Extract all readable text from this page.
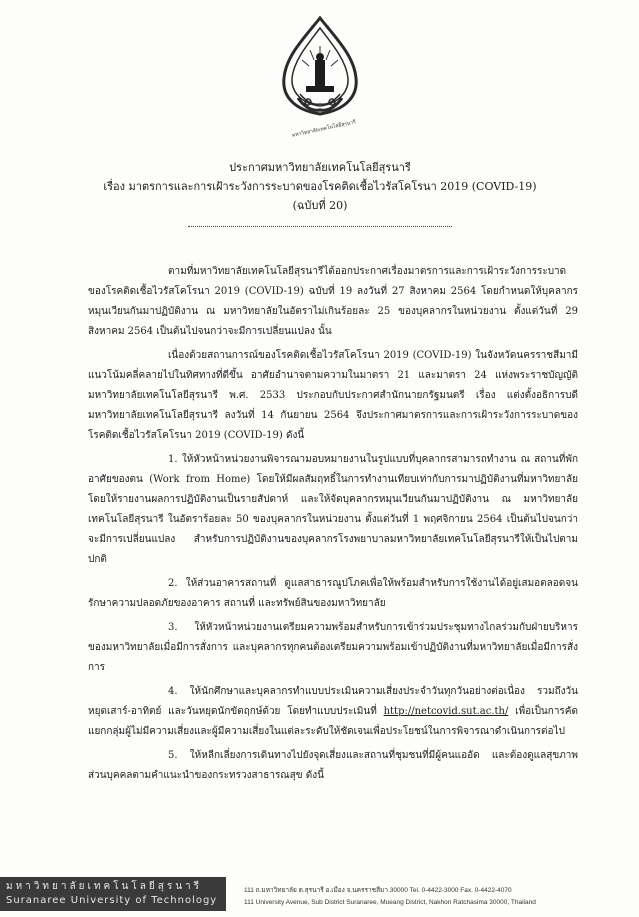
มหาวิทยาลัยเทคโนโลยีสุรนารี
ประกาศมหาวิทยาลัยเทคโนโลยีสุรนารี
เรื่อง มาตรการและการเฝ้าระวังการระบาดของโรคติดเชื้อไวรัสโคโรนา 2019 (COVID-19)
(ฉบับที่ 20)

ตามที่มหาวิทยาลัยเทคโนโลยีสุรนารีได้ออกประกาศเรื่องมาตรการและการเฝ้าระวังการระบาดของโรคติดเชื้อไวรัสโคโรนา 2019 (COVID-19) ฉบับที่ 19 ลงวันที่ 27 สิงหาคม 2564 โดยกำหนดให้บุคลากรหมุนเวียนกันมาปฏิบัติงาน ณ มหาวิทยาลัยในอัตราไม่เกินร้อยละ 25 ของบุคลากรในหน่วยงาน ตั้งแต่วันที่ 29 สิงหาคม 2564 เป็นต้นไปจนกว่าจะมีการเปลี่ยนแปลง นั้น

เนื่องด้วยสถานการณ์ของโรคติดเชื้อไวรัสโคโรนา 2019 (COVID-19) ในจังหวัดนครราชสีมามีแนวโน้มคลี่คลายไปในทิศทางที่ดีขึ้น อาศัยอำนาจตามความในมาตรา 21 และมาตรา 24 แห่งพระราชบัญญัติมหาวิทยาลัยเทคโนโลยีสุรนารี พ.ศ. 2533 ประกอบกับประกาศสำนักนายกรัฐมนตรี เรื่อง แต่งตั้งอธิการบดีมหาวิทยาลัยเทคโนโลยีสุรนารี ลงวันที่ 14 กันยายน 2564 จึงประกาศมาตรการและการเฝ้าระวังการระบาดของโรคติดเชื้อไวรัสโคโรนา 2019 (COVID-19) ดังนี้

1. ให้หัวหน้าหน่วยงานพิจารณามอบหมายงานในรูปแบบที่บุคลากรสามารถทำงาน ณ สถานที่พักอาศัยของตน (Work from Home) โดยให้มีผลสัมฤทธิ์ในการทำงานเทียบเท่ากับการมาปฏิบัติงานที่มหาวิทยาลัยโดยให้รายงานผลการปฏิบัติงานเป็นรายสัปดาห์ และให้จัดบุคลากรหมุนเวียนกันมาปฏิบัติงาน ณ มหาวิทยาลัยเทคโนโลยีสุรนารี ในอัตราร้อยละ 50 ของบุคลากรในหน่วยงาน ตั้งแต่วันที่ 1 พฤศจิกายน 2564 เป็นต้นไปจนกว่าจะมีการเปลี่ยนแปลง สำหรับการปฏิบัติงานของบุคลากรโรงพยาบาลมหาวิทยาลัยเทคโนโลยีสุรนารีให้เป็นไปตามปกติ

2. ให้ส่วนอาคารสถานที่ ดูแลสาธารณูปโภคเพื่อให้พร้อมสำหรับการใช้งานได้อยู่เสมอตลอดจนรักษาความปลอดภัยของอาคาร สถานที่ และทรัพย์สินของมหาวิทยาลัย

3. ให้หัวหน้าหน่วยงานเตรียมความพร้อมสำหรับการเข้าร่วมประชุมทางไกลร่วมกับฝ่ายบริหารของมหาวิทยาลัยเมื่อมีการสั่งการ และบุคลากรทุกคนต้องเตรียมความพร้อมเข้าปฏิบัติงานที่มหาวิทยาลัยเมื่อมีการสั่งการ

4. ให้นักศึกษาและบุคลากรทำแบบประเมินความเสี่ยงประจำวันทุกวันอย่างต่อเนื่อง รวมถึงวันหยุดเสาร์-อาทิตย์ และวันหยุดนักขัตฤกษ์ด้วย โดยทำแบบประเมินที่ http://netcovid.sut.ac.th/ เพื่อเป็นการคัดแยกกลุ่มผู้ไม่มีความเสี่ยงและผู้มีความเสี่ยงในแต่ละระดับให้ชัดเจนเพื่อประโยชน์ในการพิจารณาดำเนินการต่อไป

5. ให้หลีกเลี่ยงการเดินทางไปยังจุดเสี่ยงและสถานที่ชุมชนที่มีผู้คนแออัด และต้องดูแลสุขภาพส่วนบุคคลตามคำแนะนำของกระทรวงสาธารณสุข ดังนี้

มหาวิทยาลัยเทคโนโลยีสุรนารี
Suranaree University of Technology
111 ถ.มหาวิทยาลัย ต.สุรนารี อ.เมือง จ.นครราชสีมา 30000 Tel. 0-4422-3000 Fax. 0-4422-4070
111 University Avenue, Sub District Suranaree, Mueang District, Nakhon Ratchasima 30000, Thailand
